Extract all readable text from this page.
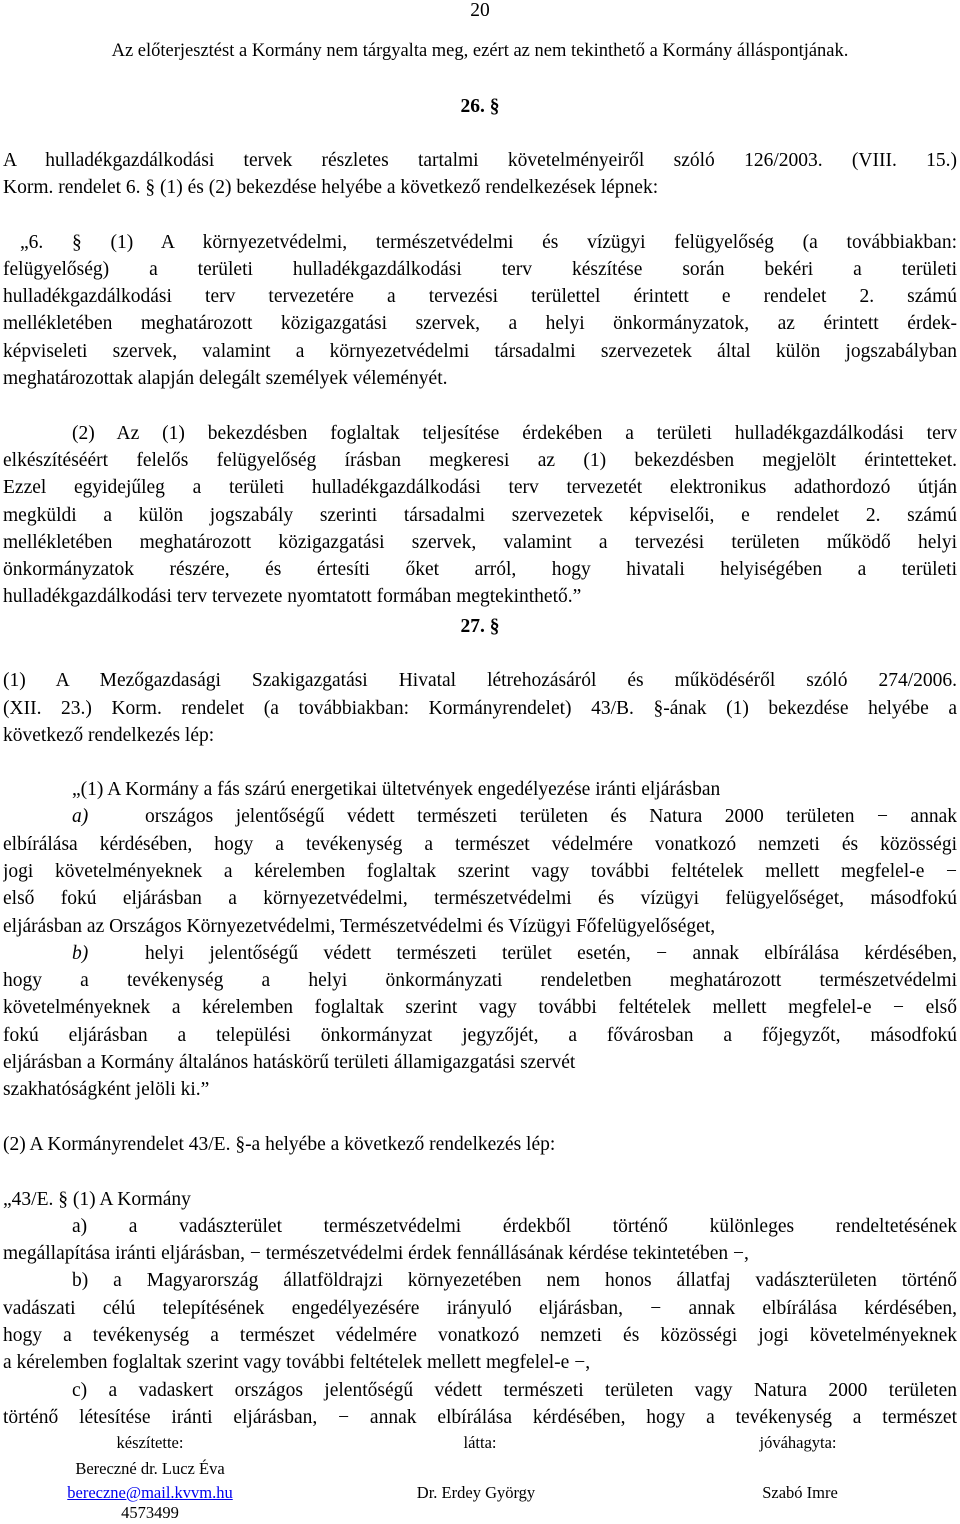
20
Az előterjesztést a Kormány nem tárgyalta meg, ezért az nem tekinthető a Kormány álláspontjának.
26. §
A hulladékgazdálkodási tervek részletes tartalmi követelményeiről szóló 126/2003. (VIII. 15.)
Korm. rendelet 6. § (1) és (2) bekezdése helyébe a következő rendelkezések lépnek:
„6. § (1) A környezetvédelmi, természetvédelmi és vízügyi felügyelőség (a továbbiakban:
felügyelőség) a területi hulladékgazdálkodási terv készítése során bekéri a területi
hulladékgazdálkodási terv tervezetére a tervezési területtel érintett e rendelet 2. számú
mellékletében meghatározott közigazgatási szervek, a helyi önkormányzatok, az érintett érdek-
képviseleti szervek, valamint a környezetvédelmi társadalmi szervezetek által külön jogszabályban
meghatározottak alapján delegált személyek véleményét.
(2) Az (1) bekezdésben foglaltak teljesítése érdekében a területi hulladékgazdálkodási terv
elkészítéséért felelős felügyelőség írásban megkeresi az (1) bekezdésben megjelölt érintetteket.
Ezzel egyidejűleg a területi hulladékgazdálkodási terv tervezetét elektronikus adathordozó útján
megküldi a külön jogszabály szerinti társadalmi szervezetek képviselői, e rendelet 2. számú
mellékletében meghatározott közigazgatási szervek, valamint a tervezési területen működő helyi
önkormányzatok részére, és értesíti őket arról, hogy hivatali helyiségében a területi
hulladékgazdálkodási terv tervezete nyomtatott formában megtekinthető.”
27. §
(1) A Mezőgazdasági Szakigazgatási Hivatal létrehozásáról és működéséről szóló 274/2006.
(XII. 23.) Korm. rendelet (a továbbiakban: Kormányrendelet) 43/B. §-ának (1) bekezdése helyébe a
következő rendelkezés lép:
„(1) A Kormány a fás szárú energetikai ültetvények engedélyezése iránti eljárásban
a)	országos jelentőségű védett természeti területen és Natura 2000 területen − annak
elbírálása kérdésében, hogy a tevékenység a természet védelmére vonatkozó nemzeti és közösségi
jogi követelményeknek a kérelemben foglaltak szerint vagy további feltételek mellett megfelel-e −
első fokú eljárásban a környezetvédelmi, természetvédelmi és vízügyi felügyelőséget, másodfokú
eljárásban az Országos Környezetvédelmi, Természetvédelmi és Vízügyi Főfelügyelőséget,
b)	helyi jelentőségű védett természeti terület esetén, − annak elbírálása kérdésében,
hogy a tevékenység a helyi önkormányzati rendeletben meghatározott természetvédelmi
követelményeknek a kérelemben foglaltak szerint vagy további feltételek mellett megfelel-e − első
fokú eljárásban a települési önkormányzat jegyzőjét, a fővárosban a főjegyzőt, másodfokú
eljárásban a Kormány általános hatáskörű területi államigazgatási szervét
szakhatóságként jelöli ki.”
(2) A Kormányrendelet 43/E. §-a helyébe a következő rendelkezés lép:
„43/E. § (1) A Kormány
a) a vadászterület természetvédelmi érdekből történő különleges rendeltetésének
megállapítása iránti eljárásban, − természetvédelmi érdek fennállásának kérdése tekintetében −,
b) a Magyarország állatföldrajzi környezetében nem honos állatfaj vadászterületen történő
vadászati célú telepítésének engedélyezésére irányuló eljárásban, − annak elbírálása kérdésében,
hogy a tevékenység a természet védelmére vonatkozó nemzeti és közösségi jogi követelményeknek
a kérelemben foglaltak szerint vagy további feltételek mellett megfelel-e −,
c) a vadaskert országos jelentőségű védett természeti területen vagy Natura 2000 területen
történő létesítése iránti eljárásban, − annak elbírálása kérdésében, hogy a tevékenység a természet
készítette:
Bereczné dr. Lucz Éva
bereczne@mail.kvvm.hu
4573499
látta:
Dr. Erdey György
jóváhagyta:
Szabó Imre
